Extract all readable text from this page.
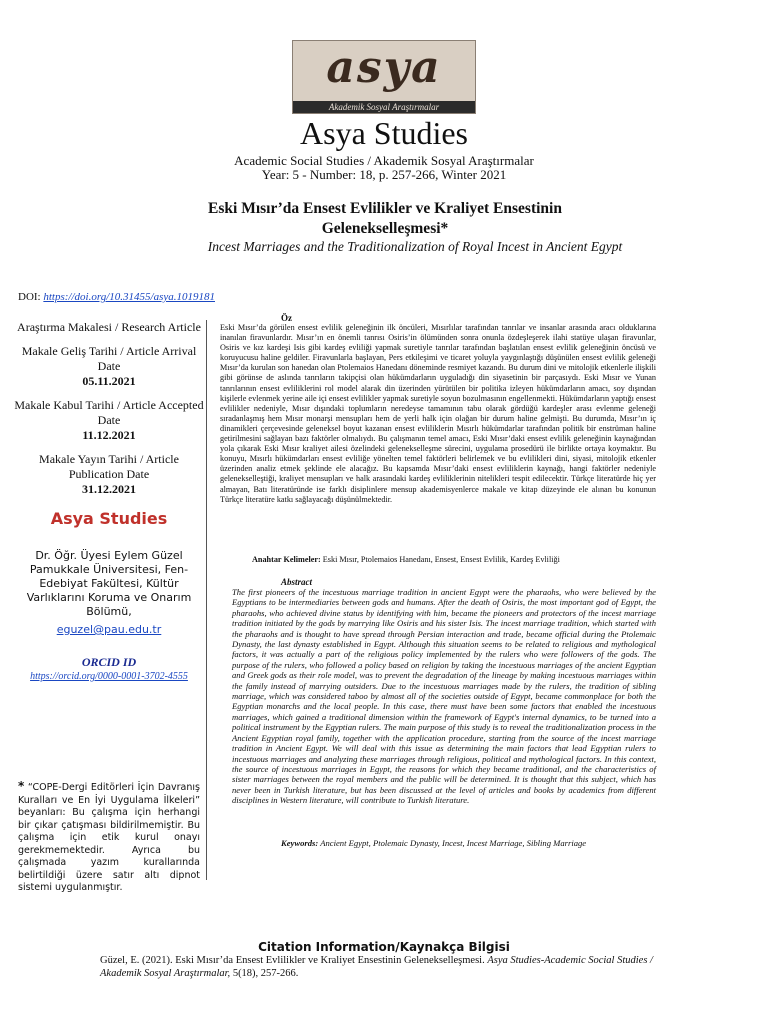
asya
Akademik Sosyal Araştırmalar
Asya Studies
Academic Social Studies / Akademik Sosyal Araştırmalar
Year: 5 - Number: 18, p. 257-266, Winter 2021
Eski Mısır’da Ensest Evlilikler ve Kraliyet Ensestinin Gelenekselleşmesi*
Incest Marriages and the Traditionalization of Royal Incest in Ancient Egypt
DOI: https://doi.org/10.31455/asya.1019181
Araştırma Makalesi / Research Article
Makale Geliş Tarihi / Article Arrival Date
05.11.2021
Makale Kabul Tarihi / Article Accepted Date
11.12.2021
Makale Yayın Tarihi / Article Publication Date
31.12.2021
Asya Studies
Dr. Öğr. Üyesi Eylem Güzel Pamukkale Üniversitesi, Fen-Edebiyat Fakültesi, Kültür Varlıklarını Koruma ve Onarım Bölümü,
eguzel@pau.edu.tr
ORCID ID
https://orcid.org/0000-0001-3702-4555
* “COPE-Dergi Editörleri İçin Davranış Kuralları ve En İyi Uygulama İlkeleri” beyanları: Bu çalışma için herhangi bir çıkar çatışması bildirilmemiştir. Bu çalışma için etik kurul onayı gerekmemektedir. Ayrıca bu çalışmada yazım kurallarında belirtildiği üzere satır altı dipnot sistemi uygulanmıştır.
Öz
Eski Mısır’da görülen ensest evlilik geleneğinin ilk öncüleri, Mısırlılar tarafından tanrılar ve insanlar arasında aracı olduklarına inanılan firavunlardır. Mısır’ın en önemli tanrısı Osiris’in ölümünden sonra onunla özdeşleşerek ilahi statüye ulaşan firavunlar, Osiris ve kız kardeşi Isis gibi kardeş evliliği yapmak suretiyle tanrılar tarafından başlatılan ensest evlilik geleneğinin öncüsü ve koruyucusu haline geldiler. Firavunlarla başlayan, Pers etkileşimi ve ticaret yoluyla yaygınlaştığı düşünülen ensest evlilik geleneği Mısır’da kurulan son hanedan olan Ptolemaios Hanedanı döneminde resmiyet kazandı. Bu durum dini ve mitolojik etkenlerle ilişkili gibi görünse de aslında tanrıların takipçisi olan hükümdarların uyguladığı din siyasetinin bir parçasıydı. Eski Mısır ve Yunan tanrılarının ensest evliliklerini rol model alarak din üzerinden yürütülen bir politika izleyen hükümdarların amacı, soy dışından kişilerle evlenmek yerine aile içi ensest evlilikler yapmak suretiyle soyun bozulmasının engellenmekti. Hükümdarların yaptığı ensest evlilikler nedeniyle, Mısır dışındaki toplumların neredeyse tamamının tabu olarak gördüğü kardeşler arası evlenme geleneği sıradanlaşmış hem Mısır monarşi mensupları hem de yerli halk için olağan bir durum haline gelmişti. Bu durumda, Mısır’ın iç dinamikleri çerçevesinde geleneksel boyut kazanan ensest evliliklerin Mısırlı hükümdarlar tarafından politik bir enstrüman haline getirilmesini sağlayan bazı faktörler olmalıydı. Bu çalışmanın temel amacı, Eski Mısır’daki ensest evlilik geleneğinin kaynağından yola çıkarak Eski Mısır kraliyet ailesi özelindeki gelenekselleşme sürecini, uygulama prosedürü ile birlikte ortaya koymaktır. Bu konuyu, Mısırlı hükümdarları ensest evliliğe yönelten temel faktörleri belirlemek ve bu evlilikleri dini, siyasi, mitolojik etkenler üzerinden analiz etmek şeklinde ele alacağız. Bu kapsamda Mısır’daki ensest evliliklerin kaynağı, hangi faktörler nedeniyle gelenekselleştiği, kraliyet mensupları ve halk arasındaki kardeş evliliklerinin nitelikleri tespit edilecektir. Türkçe literatürde hiç yer almayan, Batı literatüründe ise farklı disiplinlere mensup akademisyenlerce makale ve kitap düzeyinde ele alınan bu konunun Türkçe literatüre katkı sağlayacağı düşünülmektedir.
Anahtar Kelimeler: Eski Mısır, Ptolemaios Hanedanı, Ensest, Ensest Evlilik, Kardeş Evliliği
Abstract
The first pioneers of the incestuous marriage tradition in ancient Egypt were the pharaohs, who were believed by the Egyptians to be intermediaries between gods and humans. After the death of Osiris, the most important god of Egypt, the pharaohs, who achieved divine status by identifying with him, became the pioneers and protectors of the incest marriage tradition initiated by the gods by marrying like Osiris and his sister Isis. The incest marriage tradition, which started with the pharaohs and is thought to have spread through Persian interaction and trade, became official during the Ptolemaic Dynasty, the last dynasty established in Egypt. Although this situation seems to be related to religious and mythological factors, it was actually a part of the religious policy implemented by the rulers who were followers of the gods. The purpose of the rulers, who followed a policy based on religion by taking the incestuous marriages of the ancient Egyptian and Greek gods as their role model, was to prevent the degradation of the lineage by making incestuous marriages within the family instead of marrying outsiders. Due to the incestuous marriages made by the rulers, the tradition of sibling marriage, which was considered taboo by almost all of the societies outside of Egypt, became commonplace for both the Egyptian monarchs and the local people. In this case, there must have been some factors that enabled the incestuous marriages, which gained a traditional dimension within the framework of Egypt's internal dynamics, to be turned into a political instrument by the Egyptian rulers. The main purpose of this study is to reveal the traditionalization process in the Ancient Egyptian royal family, together with the application procedure, starting from the source of the incest marriage tradition in Ancient Egypt. We will deal with this issue as determining the main factors that lead Egyptian rulers to incestuous marriages and analyzing these marriages through religious, political and mythological factors. In this context, the source of incestuous marriages in Egypt, the reasons for which they became traditional, and the characteristics of sister marriages between the royal members and the public will be determined. It is thought that this subject, which has never been in Turkish literature, but has been discussed at the level of articles and books by academics from different disciplines in Western literature, will contribute to Turkish literature.
Keywords: Ancient Egypt, Ptolemaic Dynasty, Incest, Incest Marriage, Sibling Marriage
Citation Information/Kaynakça Bilgisi
Güzel, E. (2021). Eski Mısır’da Ensest Evlilikler ve Kraliyet Ensestinin Gelenekselleşmesi. Asya Studies-Academic Social Studies / Akademik Sosyal Araştırmalar, 5(18), 257-266.
